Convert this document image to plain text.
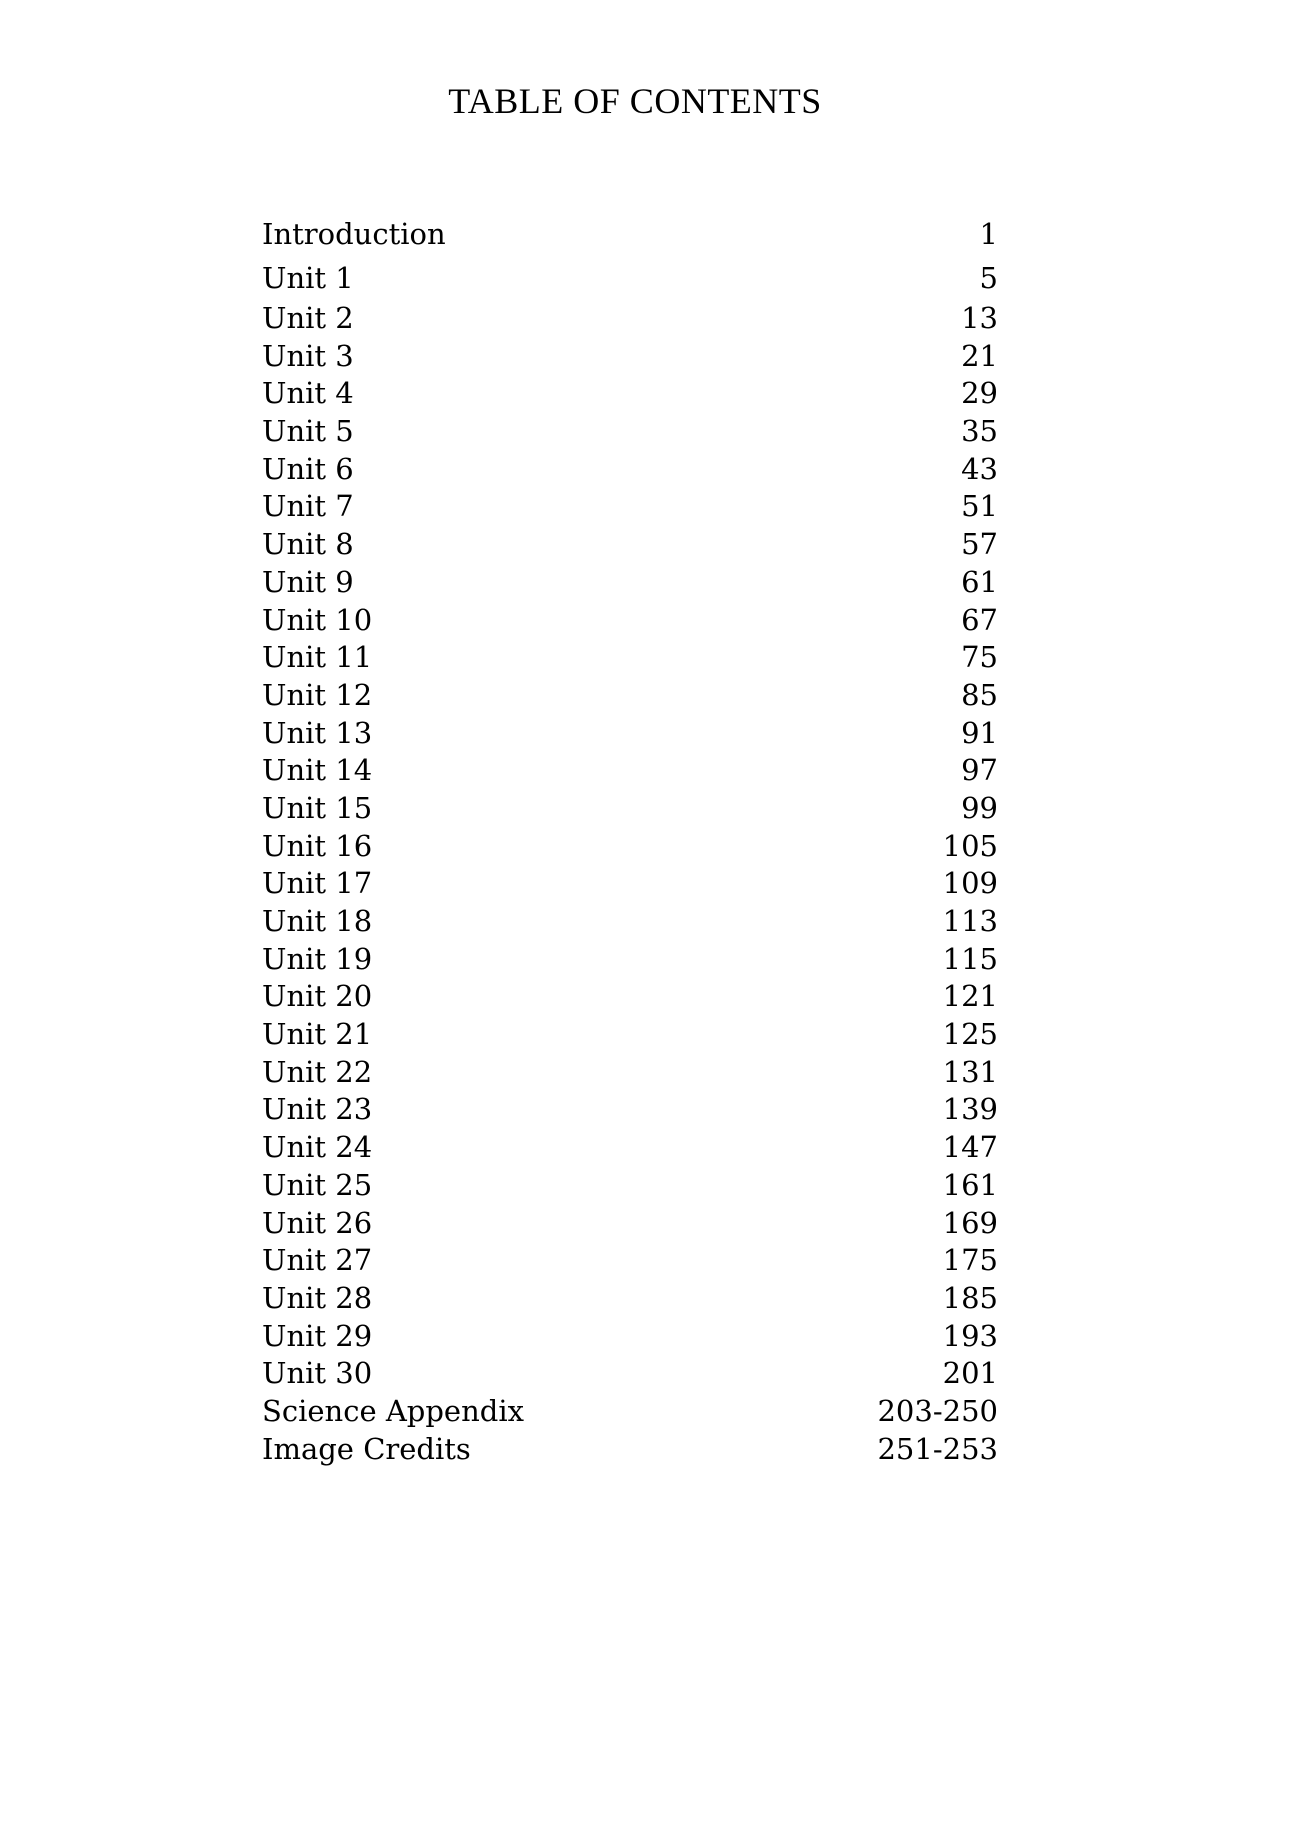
TABLE OF CONTENTS
Introduction	1
Unit 1	5
Unit 2	13
Unit 3	21
Unit 4	29
Unit 5	35
Unit 6	43
Unit 7	51
Unit 8	57
Unit 9	61
Unit 10	67
Unit 11	75
Unit 12	85
Unit 13	91
Unit 14	97
Unit 15	99
Unit 16	105
Unit 17	109
Unit 18	113
Unit 19	115
Unit 20	121
Unit 21	125
Unit 22	131
Unit 23	139
Unit 24	147
Unit 25	161
Unit 26	169
Unit 27	175
Unit 28	185
Unit 29	193
Unit 30	201
Science Appendix	203-250
Image Credits	251-253
